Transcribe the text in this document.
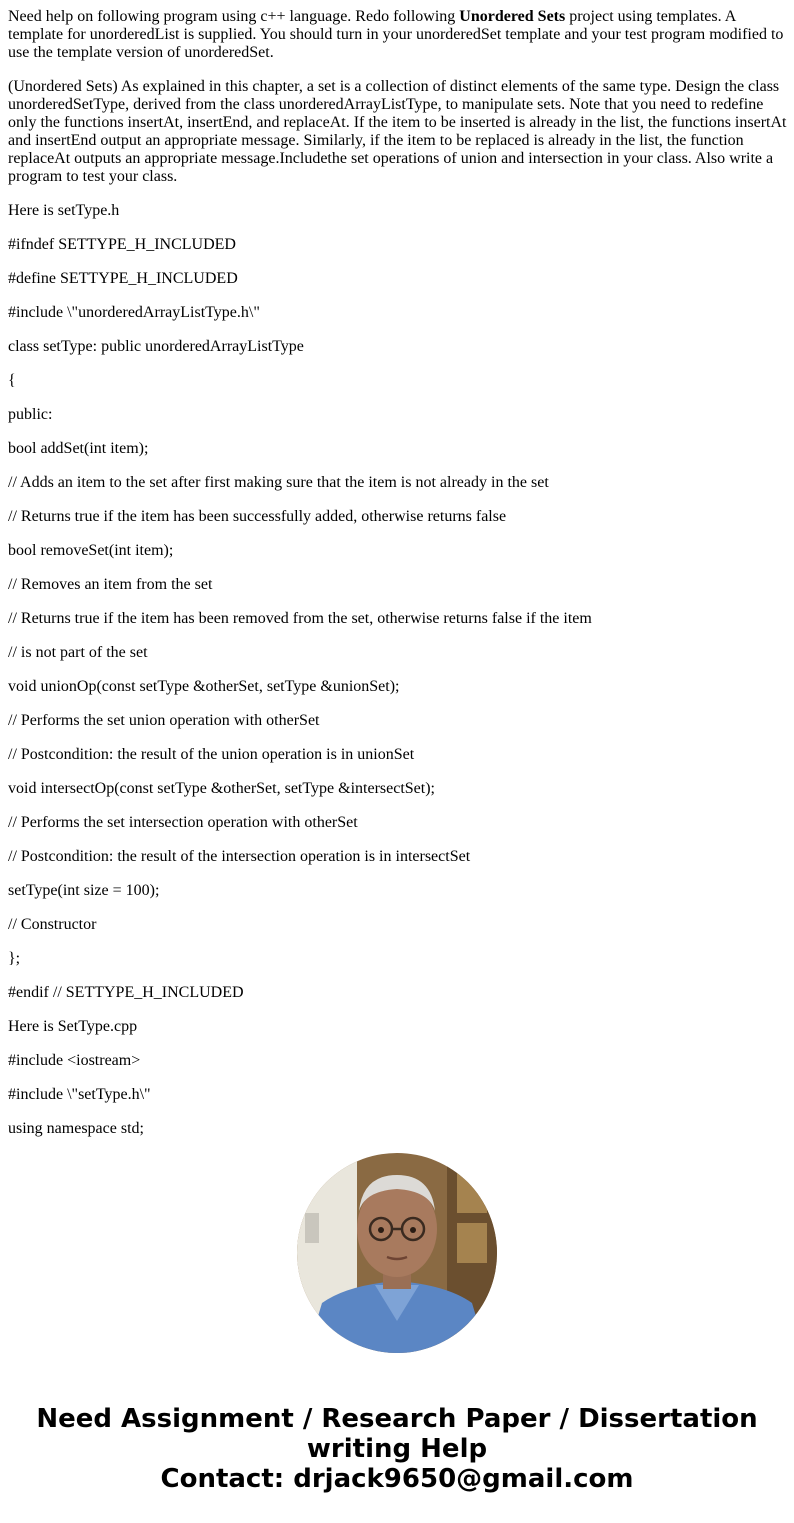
Need help on following program using c++ language. Redo following Unordered Sets project using templates. A template for unorderedList is supplied. You should turn in your unorderedSet template and your test program modified to use the template version of unorderedSet.

(Unordered Sets) As explained in this chapter, a set is a collection of distinct elements of the same type. Design the class unorderedSetType, derived from the class unorderedArrayListType, to manipulate sets. Note that you need to redefine only the functions insertAt, insertEnd, and replaceAt. If the item to be inserted is already in the list, the functions insertAt and insertEnd output an appropriate message. Similarly, if the item to be replaced is already in the list, the function replaceAt outputs an appropriate message.Includethe set operations of union and intersection in your class. Also write a program to test your class.

Here is setType.h

#ifndef SETTYPE_H_INCLUDED

#define SETTYPE_H_INCLUDED

#include \"unorderedArrayListType.h\"

class setType: public unorderedArrayListType

{

public:

bool addSet(int item);

// Adds an item to the set after first making sure that the item is not already in the set

// Returns true if the item has been successfully added, otherwise returns false

bool removeSet(int item);

// Removes an item from the set

// Returns true if the item has been removed from the set, otherwise returns false if the item

// is not part of the set

void unionOp(const setType &otherSet, setType &unionSet);

// Performs the set union operation with otherSet

// Postcondition: the result of the union operation is in unionSet

void intersectOp(const setType &otherSet, setType &intersectSet);

// Performs the set intersection operation with otherSet

// Postcondition: the result of the intersection operation is in intersectSet

setType(int size = 100);

// Constructor

};

#endif // SETTYPE_H_INCLUDED

Here is SetType.cpp

#include <iostream>

#include \"setType.h\"

using namespace std;

Need Assignment / Research Paper / Dissertation
writing Help
Contact: drjack9650@gmail.com
